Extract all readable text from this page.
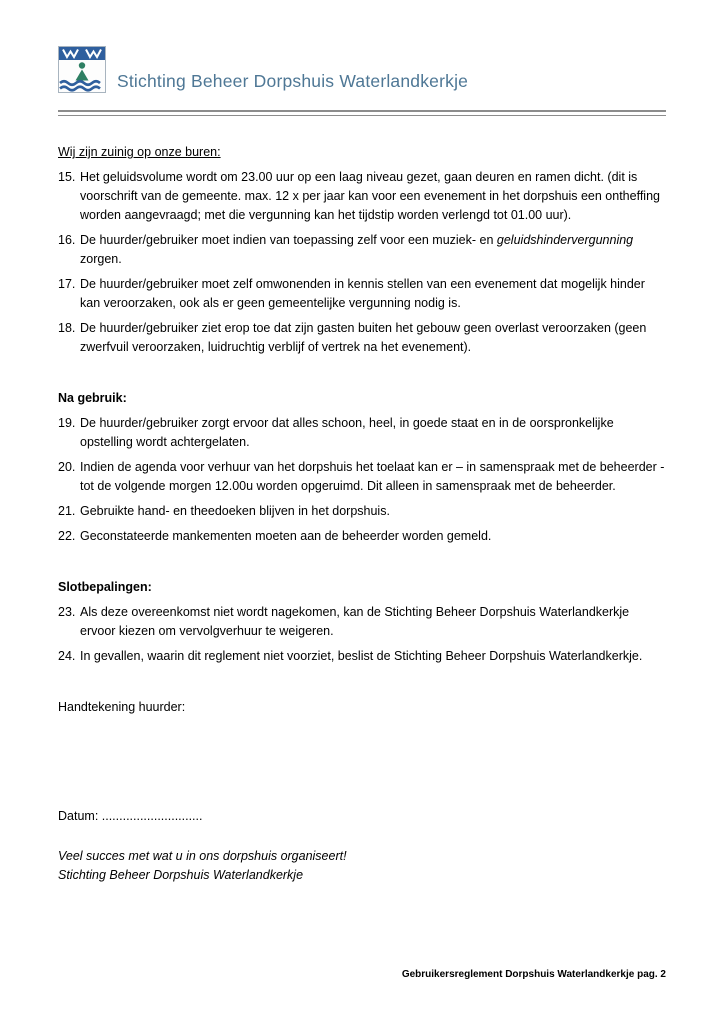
Stichting Beheer Dorpshuis Waterlandkerkje

Wij zijn zuinig op onze buren:

15. Het geluidsvolume wordt om 23.00 uur op een laag niveau gezet, gaan deuren en ramen dicht. (dit is voorschrift van de gemeente. max. 12 x per jaar kan voor een evenement in het dorpshuis een ontheffing worden aangevraagd; met die vergunning kan het tijdstip worden verlengd tot 01.00 uur).
16. De huurder/gebruiker moet indien van toepassing zelf voor een muziek- en geluidshindervergunning zorgen.
17. De huurder/gebruiker moet zelf omwonenden in kennis stellen van een evenement dat mogelijk hinder kan veroorzaken, ook als er geen gemeentelijke vergunning nodig is.
18. De huurder/gebruiker ziet erop toe dat zijn gasten buiten het gebouw geen overlast veroorzaken (geen zwerfvuil veroorzaken, luidruchtig verblijf of vertrek na het evenement).

Na gebruik:

19. De huurder/gebruiker zorgt ervoor dat alles schoon, heel, in goede staat en in de oorspronkelijke opstelling wordt achtergelaten.
20. Indien de agenda voor verhuur van het dorpshuis het toelaat kan er – in samenspraak met de beheerder - tot de volgende morgen 12.00u worden opgeruimd. Dit alleen in samenspraak met de beheerder.
21. Gebruikte hand- en theedoeken blijven in het dorpshuis.
22. Geconstateerde mankementen moeten aan de beheerder worden gemeld.

Slotbepalingen:

23. Als deze overeenkomst niet wordt nagekomen, kan de Stichting Beheer Dorpshuis Waterlandkerkje ervoor kiezen om vervolgverhuur te weigeren.
24. In gevallen, waarin dit reglement niet voorziet, beslist de Stichting Beheer Dorpshuis Waterlandkerkje.

Handtekening huurder:

Datum: .............................

Veel succes met wat u in ons dorpshuis organiseert!

Stichting Beheer Dorpshuis Waterlandkerkje

Gebruikersreglement Dorpshuis Waterlandkerkje pag. 2
